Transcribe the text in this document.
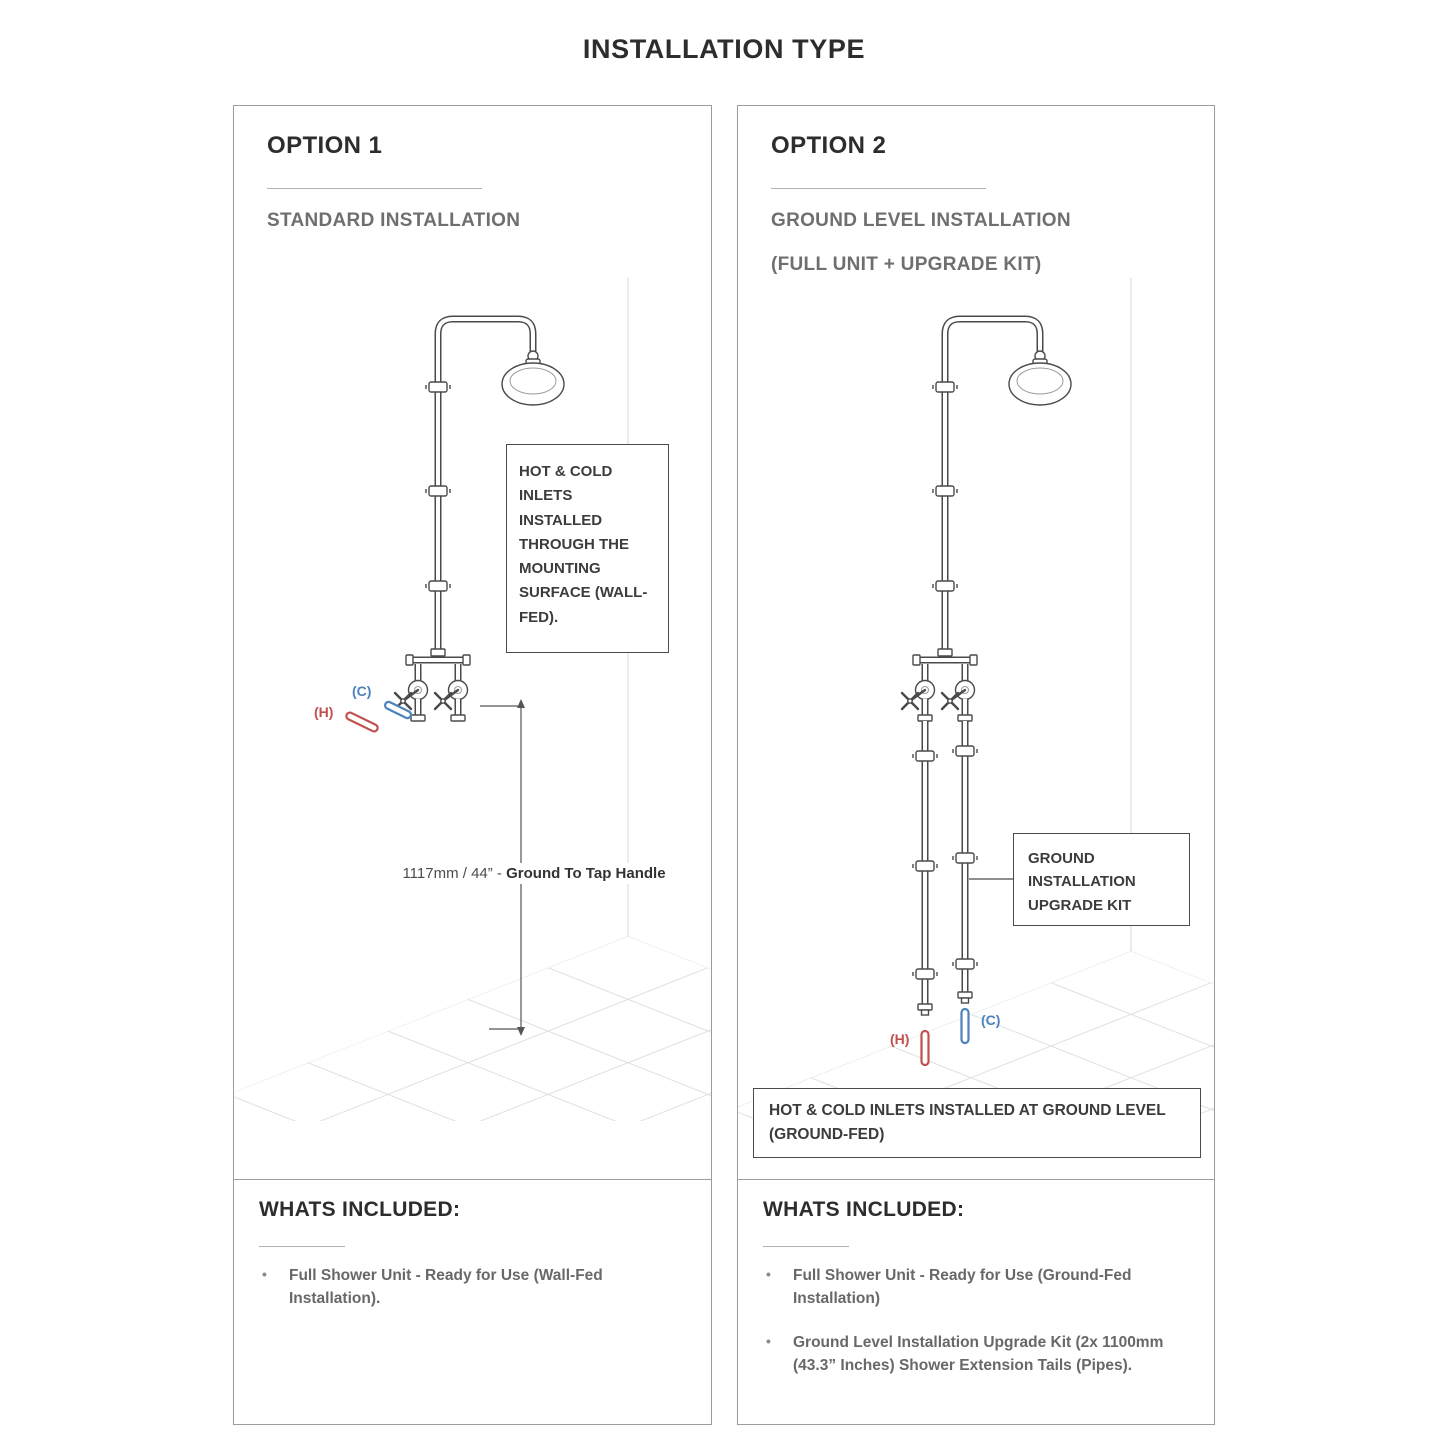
INSTALLATION TYPE
OPTION 1
STANDARD INSTALLATION
HOT & COLD INLETS INSTALLED THROUGH THE MOUNTING SURFACE (WALL-FED).
(C)
(H)
1117mm / 44” - Ground To Tap Handle
OPTION 2
GROUND LEVEL INSTALLATION
(FULL UNIT + UPGRADE KIT)
GROUND INSTALLATION UPGRADE KIT
(H)
(C)
HOT & COLD INLETS INSTALLED AT GROUND LEVEL (GROUND-FED)
WHATS INCLUDED:
• Full Shower Unit - Ready for Use (Wall-Fed Installation).
WHATS INCLUDED:
• Full Shower Unit - Ready for Use (Ground-Fed Installation)
• Ground Level Installation Upgrade Kit (2x 1100mm (43.3” Inches) Shower Extension Tails (Pipes).
